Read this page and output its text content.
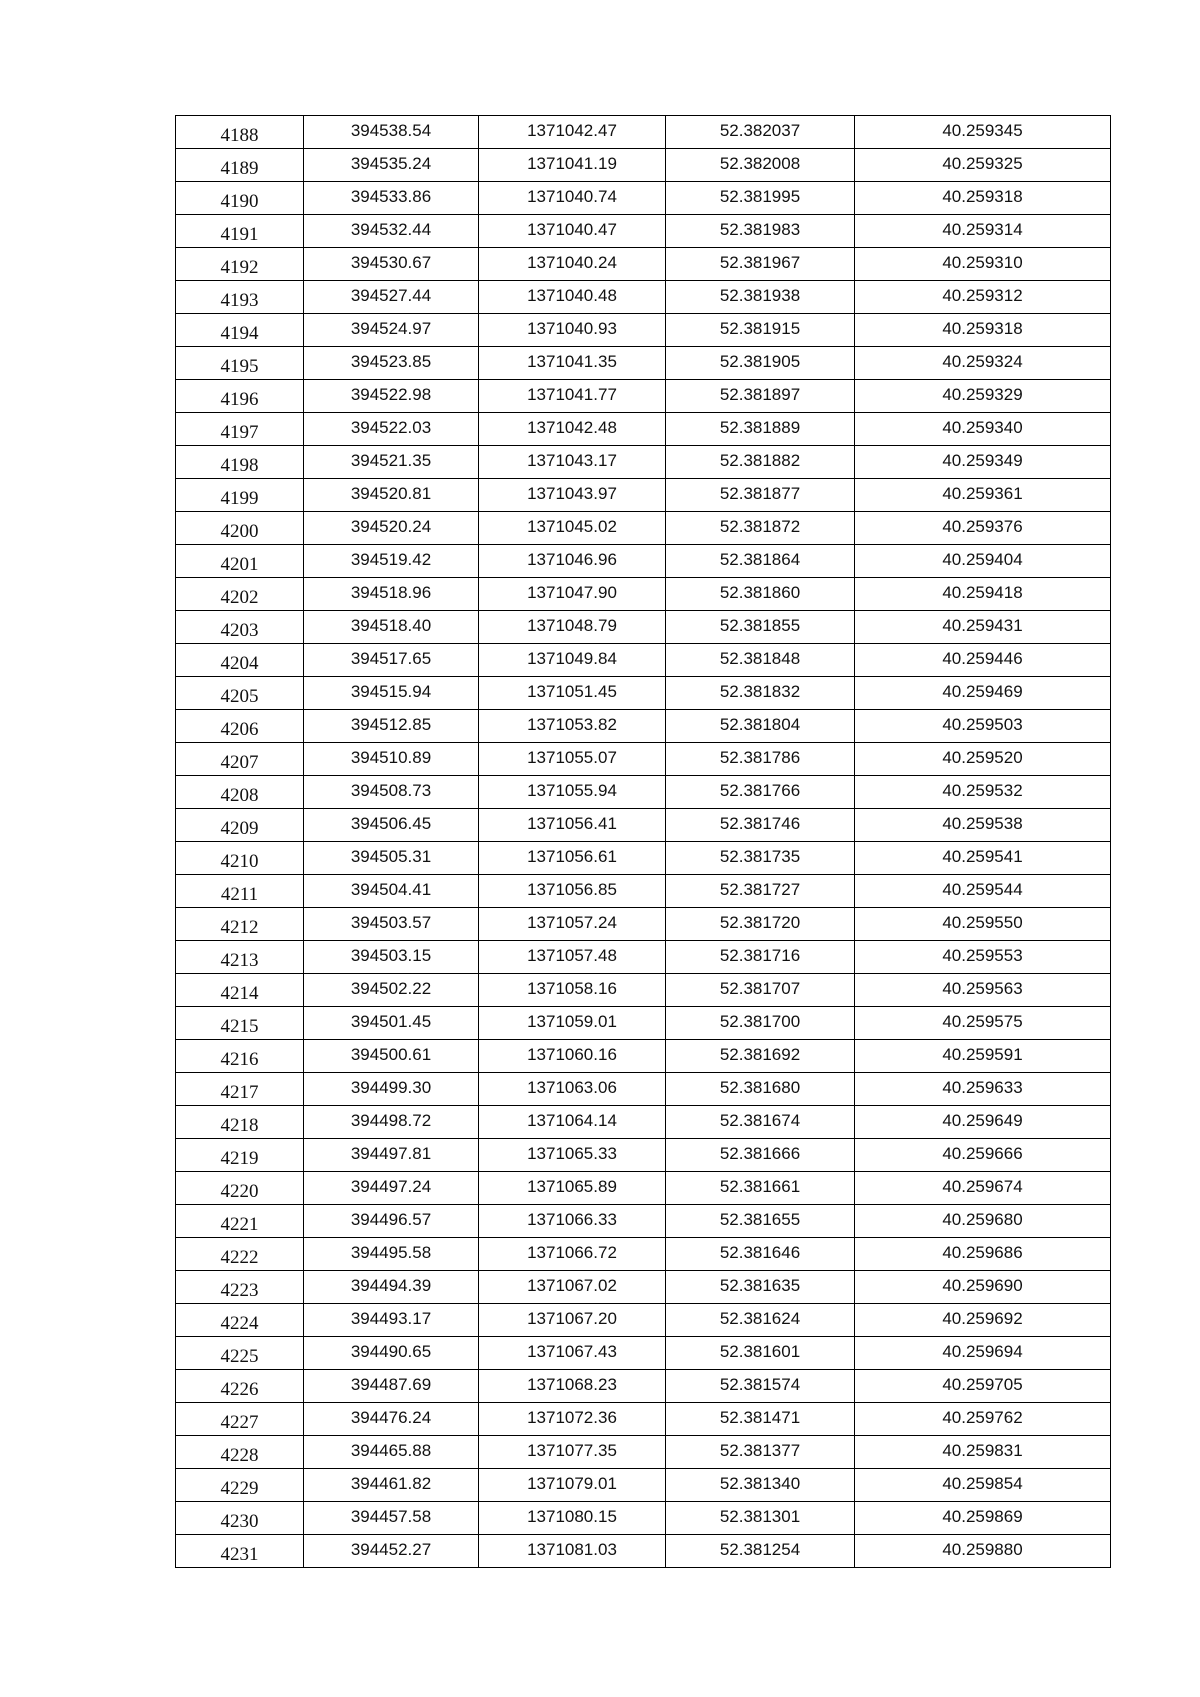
4188	394538.54	1371042.47	52.382037	40.259345
4189	394535.24	1371041.19	52.382008	40.259325
4190	394533.86	1371040.74	52.381995	40.259318
4191	394532.44	1371040.47	52.381983	40.259314
4192	394530.67	1371040.24	52.381967	40.259310
4193	394527.44	1371040.48	52.381938	40.259312
4194	394524.97	1371040.93	52.381915	40.259318
4195	394523.85	1371041.35	52.381905	40.259324
4196	394522.98	1371041.77	52.381897	40.259329
4197	394522.03	1371042.48	52.381889	40.259340
4198	394521.35	1371043.17	52.381882	40.259349
4199	394520.81	1371043.97	52.381877	40.259361
4200	394520.24	1371045.02	52.381872	40.259376
4201	394519.42	1371046.96	52.381864	40.259404
4202	394518.96	1371047.90	52.381860	40.259418
4203	394518.40	1371048.79	52.381855	40.259431
4204	394517.65	1371049.84	52.381848	40.259446
4205	394515.94	1371051.45	52.381832	40.259469
4206	394512.85	1371053.82	52.381804	40.259503
4207	394510.89	1371055.07	52.381786	40.259520
4208	394508.73	1371055.94	52.381766	40.259532
4209	394506.45	1371056.41	52.381746	40.259538
4210	394505.31	1371056.61	52.381735	40.259541
4211	394504.41	1371056.85	52.381727	40.259544
4212	394503.57	1371057.24	52.381720	40.259550
4213	394503.15	1371057.48	52.381716	40.259553
4214	394502.22	1371058.16	52.381707	40.259563
4215	394501.45	1371059.01	52.381700	40.259575
4216	394500.61	1371060.16	52.381692	40.259591
4217	394499.30	1371063.06	52.381680	40.259633
4218	394498.72	1371064.14	52.381674	40.259649
4219	394497.81	1371065.33	52.381666	40.259666
4220	394497.24	1371065.89	52.381661	40.259674
4221	394496.57	1371066.33	52.381655	40.259680
4222	394495.58	1371066.72	52.381646	40.259686
4223	394494.39	1371067.02	52.381635	40.259690
4224	394493.17	1371067.20	52.381624	40.259692
4225	394490.65	1371067.43	52.381601	40.259694
4226	394487.69	1371068.23	52.381574	40.259705
4227	394476.24	1371072.36	52.381471	40.259762
4228	394465.88	1371077.35	52.381377	40.259831
4229	394461.82	1371079.01	52.381340	40.259854
4230	394457.58	1371080.15	52.381301	40.259869
4231	394452.27	1371081.03	52.381254	40.259880
